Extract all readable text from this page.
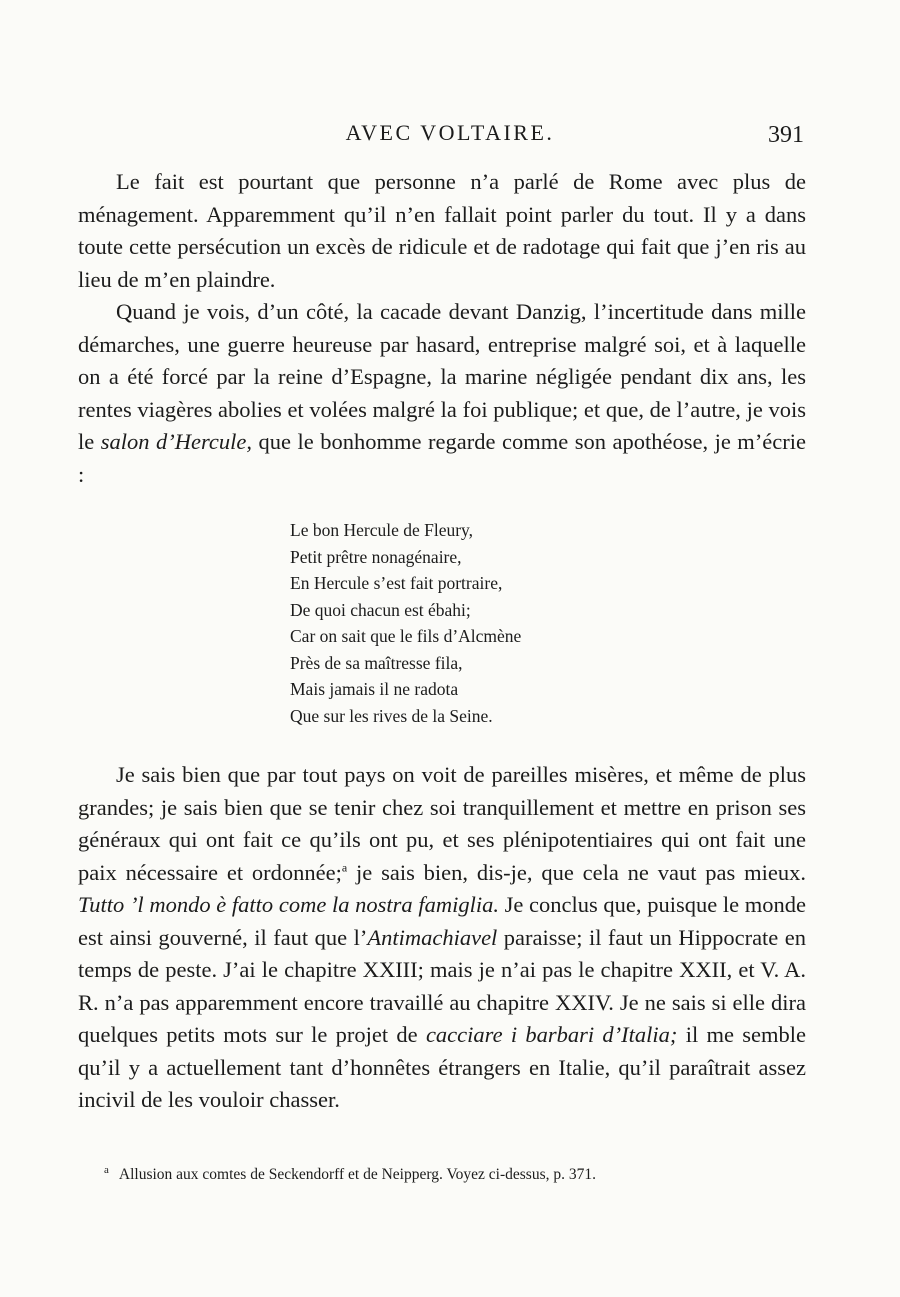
AVEC VOLTAIRE.	391

Le fait est pourtant que personne n’a parlé de Rome avec plus de ménagement. Apparemment qu’il n’en fallait point parler du tout. Il y a dans toute cette persécution un excès de ridicule et de radotage qui fait que j’en ris au lieu de m’en plaindre.

Quand je vois, d’un côté, la cacade devant Danzig, l’incertitude dans mille démarches, une guerre heureuse par hasard, entreprise malgré soi, et à laquelle on a été forcé par la reine d’Espagne, la marine négligée pendant dix ans, les rentes viagères abolies et volées malgré la foi publique; et que, de l’autre, je vois le salon d’Hercule, que le bonhomme regarde comme son apothéose, je m’écrie :

Le bon Hercule de Fleury,
Petit prêtre nonagénaire,
En Hercule s’est fait portraire,
De quoi chacun est ébahi;
Car on sait que le fils d’Alcmène
Près de sa maîtresse fila,
Mais jamais il ne radota
Que sur les rives de la Seine.

Je sais bien que par tout pays on voit de pareilles misères, et même de plus grandes; je sais bien que se tenir chez soi tranquillement et mettre en prison ses généraux qui ont fait ce qu’ils ont pu, et ses plénipotentiaires qui ont fait une paix nécessaire et ordonnée;$^a$ je sais bien, dis-je, que cela ne vaut pas mieux. Tutto ’l mondo è fatto come la nostra famiglia. Je conclus que, puisque le monde est ainsi gouverné, il faut que l’Antimachiavel paraisse; il faut un Hippocrate en temps de peste. J’ai le chapitre XXIII; mais je n’ai pas le chapitre XXII, et V. A. R. n’a pas apparemment encore travaillé au chapitre XXIV. Je ne sais si elle dira quelques petits mots sur le projet de cacciare i barbari d’Italia; il me semble qu’il y a actuellement tant d’honnêtes étrangers en Italie, qu’il paraîtrait assez incivil de les vouloir chasser.

$^a$ Allusion aux comtes de Seckendorff et de Neipperg. Voyez ci-dessus, p. 371.
